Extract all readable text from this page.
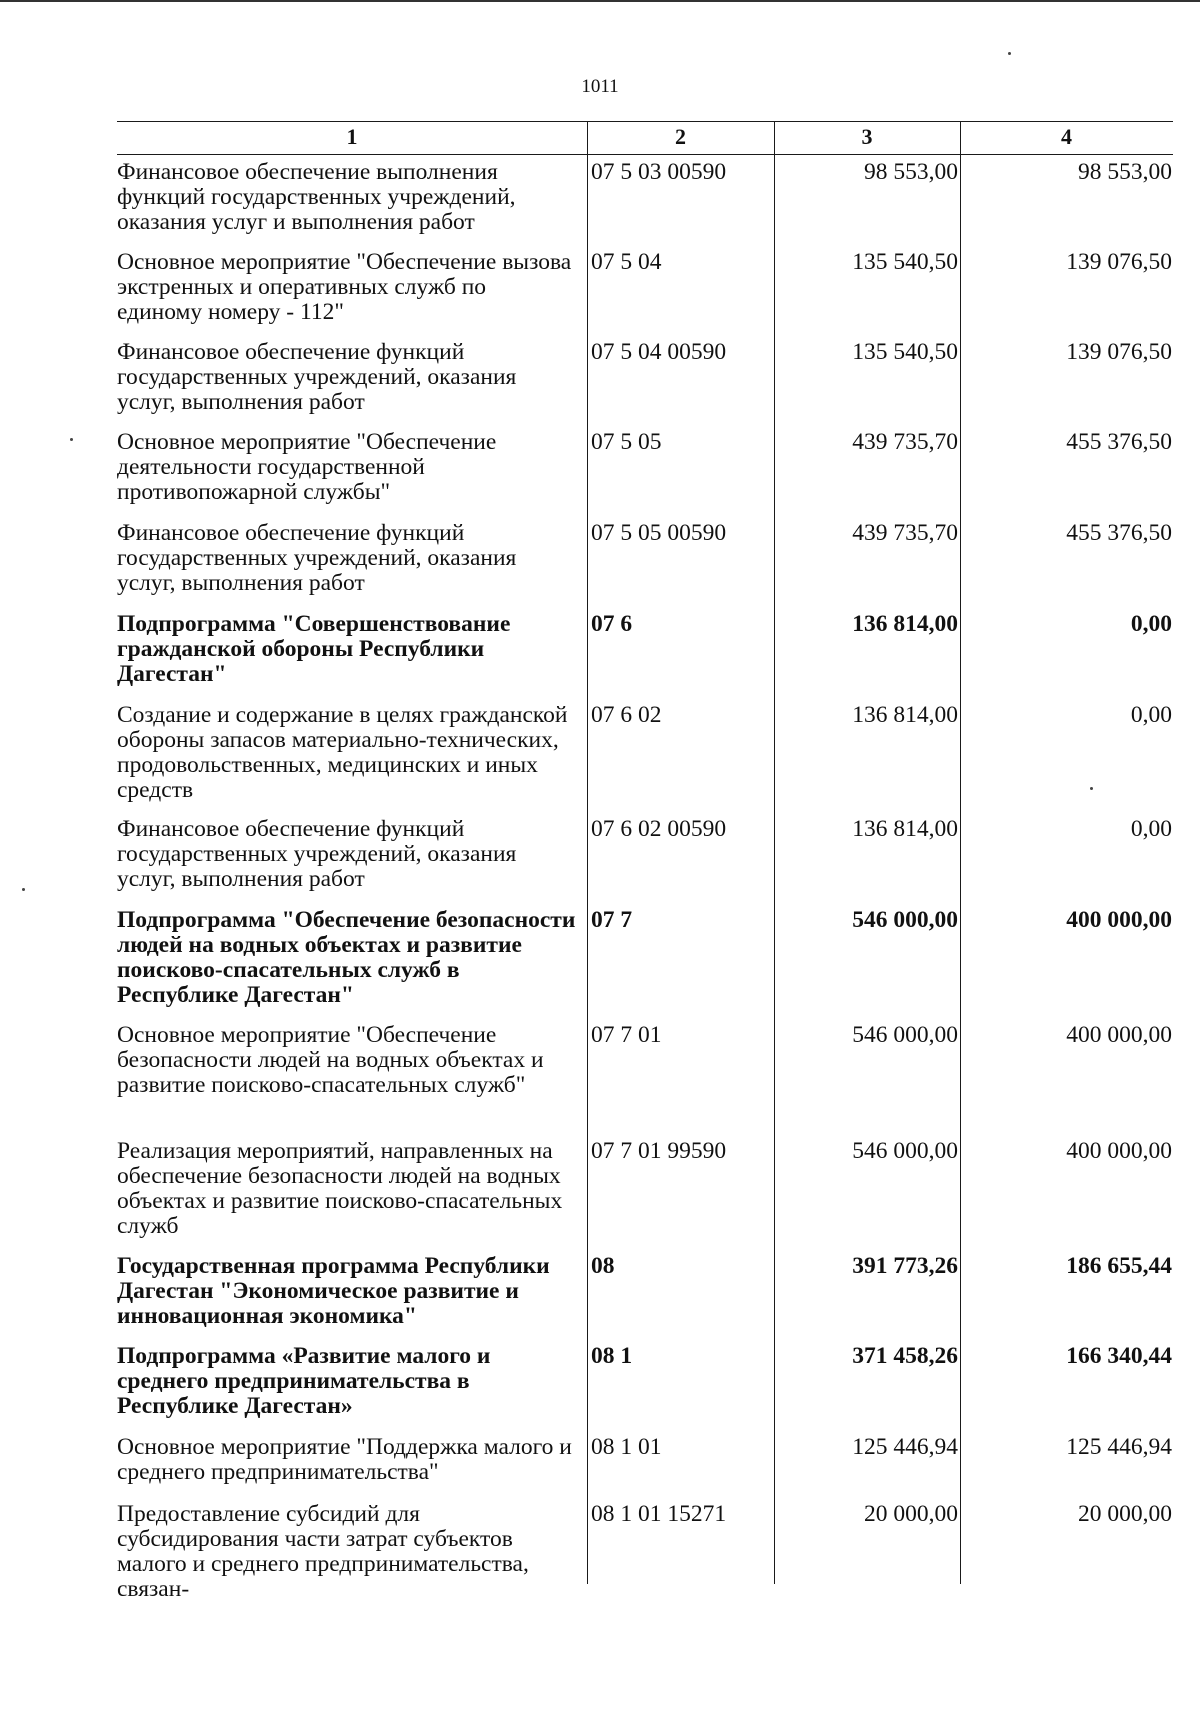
1011
1	2	3	4
Финансовое обеспечение выполнения функций государственных учреждений, оказания услуг и выполнения работ
07 5 03 00590	98 553,00	98 553,00
Основное мероприятие "Обеспечение вызова экстренных и оперативных служб по единому номеру - 112"
07 5 04	135 540,50	139 076,50
Финансовое обеспечение функций государственных учреждений, оказания услуг, выполнения работ
07 5 04 00590	135 540,50	139 076,50
Основное мероприятие "Обеспечение деятельности государственной противопожарной службы"
07 5 05	439 735,70	455 376,50
Финансовое обеспечение функций государственных учреждений, оказания услуг, выполнения работ
07 5 05 00590	439 735,70	455 376,50
Подпрограмма "Совершенствование гражданской обороны Республики Дагестан"
07 6	136 814,00	0,00
Создание и содержание в целях гражданской обороны запасов материально-технических, продовольственных, медицинских и иных средств
07 6 02	136 814,00	0,00
Финансовое обеспечение функций государственных учреждений, оказания услуг, выполнения работ
07 6 02 00590	136 814,00	0,00
Подпрограмма "Обеспечение безопасности людей на водных объектах и развитие поисково-спасательных служб в Республике Дагестан"
07 7	546 000,00	400 000,00
Основное мероприятие "Обеспечение безопасности людей на водных объектах и развитие поисково-спасательных служб"
07 7 01	546 000,00	400 000,00
Реализация мероприятий, направленных на обеспечение безопасности людей на водных объектах и развитие поисково-спасательных служб
07 7 01 99590	546 000,00	400 000,00
Государственная программа Республики Дагестан "Экономическое развитие и инновационная экономика"
08	391 773,26	186 655,44
Подпрограмма «Развитие малого и среднего предпринимательства в Республике Дагестан»
08 1	371 458,26	166 340,44
Основное мероприятие "Поддержка малого и среднего предпринимательства"
08 1 01	125 446,94	125 446,94
Предоставление субсидий для субсидирования части затрат субъектов малого и среднего предпринимательства, связан-
08 1 01 15271	20 000,00	20 000,00
